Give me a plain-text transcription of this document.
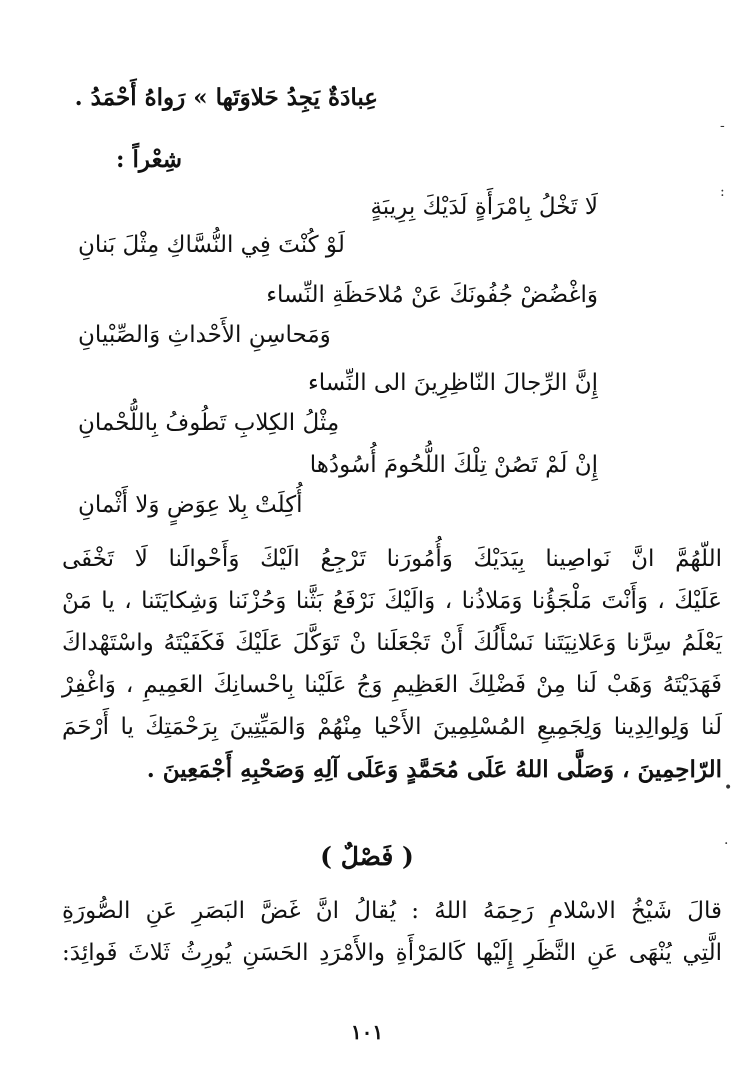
عِبادَةٌ يَجِدُ حَلاوَتَها » رَواهُ أَحْمَدُ .
شِعْراً :
لَا تَخْلُ بِامْرَأَةٍ لَدَيْكَ بِرِيبَةٍ
لَوْ كُنْتَ فِي النُّسَّاكِ مِثْلَ بَنانِ
وَاغْضُضْ جُفُونَكَ عَنْ مُلاحَظَةِ النِّساء
وَمَحاسِنِ الأَحْداثِ وَالصِّبْيانِ
إِنَّ الرِّجالَ النّاظِرِينَ الى النِّساء
مِثْلُ الكِلابِ تَطُوفُ بِاللُّحْمانِ
إِنْ لَمْ تَصُنْ تِلْكَ اللُّحُومَ أُسُودُها
أُكِلَتْ بِلا عِوَضٍ وَلا أَثْمانِ
اللّهُمَّ انَّ نَواصِينا بِيَدَيْكَ وَأُمُورَنا تَرْجِعُ الَيْكَ وَأَحْوالَنا لَا تَخْفَى
عَلَيْكَ ، وَأَنْتَ مَلْجَؤُنا وَمَلاذُنا ، وَالَيْكَ نَرْفَعُ بَثَّنا وَحُزْنَنا وَشِكايَتَنا ، يا مَنْ
يَعْلَمُ سِرَّنا وَعَلانِيَتَنا نَسْأَلُكَ أَنْ تَجْعَلَنا نْ تَوَكَّلَ عَلَيْكَ فَكَفَيْتَهُ واسْتَهْداكَ
فَهَدَيْتَهُ وَهَبْ لَنا مِنْ فَضْلِكَ العَظِيمِ وَجُ عَلَيْنا بِاحْسانِكَ العَمِيمِ ، وَاغْفِرْ
لَنا وَلِوالِدِينا وَلِجَمِيعِ المُسْلِمِينَ الأَحْيا مِنْهُمْ وَالمَيِّتِينَ بِرَحْمَتِكَ يا أَرْحَمَ
الرّاحِمِينَ ، وَصَلَّى اللهُ عَلَى مُحَمَّدٍ وَعَلَى آلِهِ وَصَحْبِهِ أَجْمَعِينَ .
( فَصْلٌ )
قالَ شَيْخُ الاسْلامِ رَحِمَهُ اللهُ : يُقالُ انَّ غَضَّ البَصَرِ عَنِ الصُّورَةِ
الَّتِي يُنْهَى عَنِ النَّظَرِ إِلَيْها كَالمَرْأَةِ والأَمْرَدِ الحَسَنِ يُورِثُ ثَلاثَ فَوائِدَ:
١٠١
-
:
•
·
